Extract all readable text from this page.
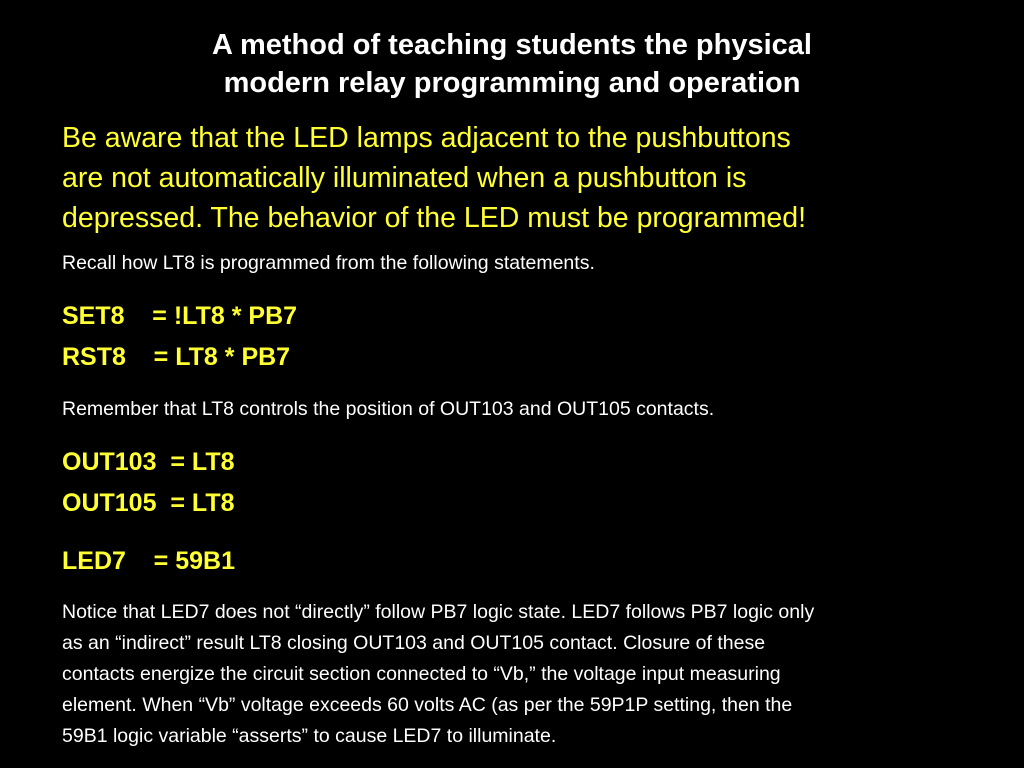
A method of teaching students the physical
modern relay programming and operation
Be aware that the LED lamps adjacent to the pushbuttons
are not automatically illuminated when a pushbutton is
depressed. The behavior of the LED must be programmed!
Recall how LT8 is programmed from the following statements.
SET8    = !LT8 * PB7
RST8    = LT8 * PB7
Remember that LT8 controls the position of OUT103 and OUT105 contacts.
OUT103  = LT8
OUT105  = LT8
LED7    = 59B1
Notice that LED7 does not “directly” follow PB7 logic state. LED7 follows PB7 logic only
as an “indirect” result LT8 closing OUT103 and OUT105 contact. Closure of these
contacts energize the circuit section connected to “Vb,” the voltage input measuring
element. When “Vb” voltage exceeds 60 volts AC (as per the 59P1P setting, then the
59B1 logic variable “asserts” to cause LED7 to illuminate.
